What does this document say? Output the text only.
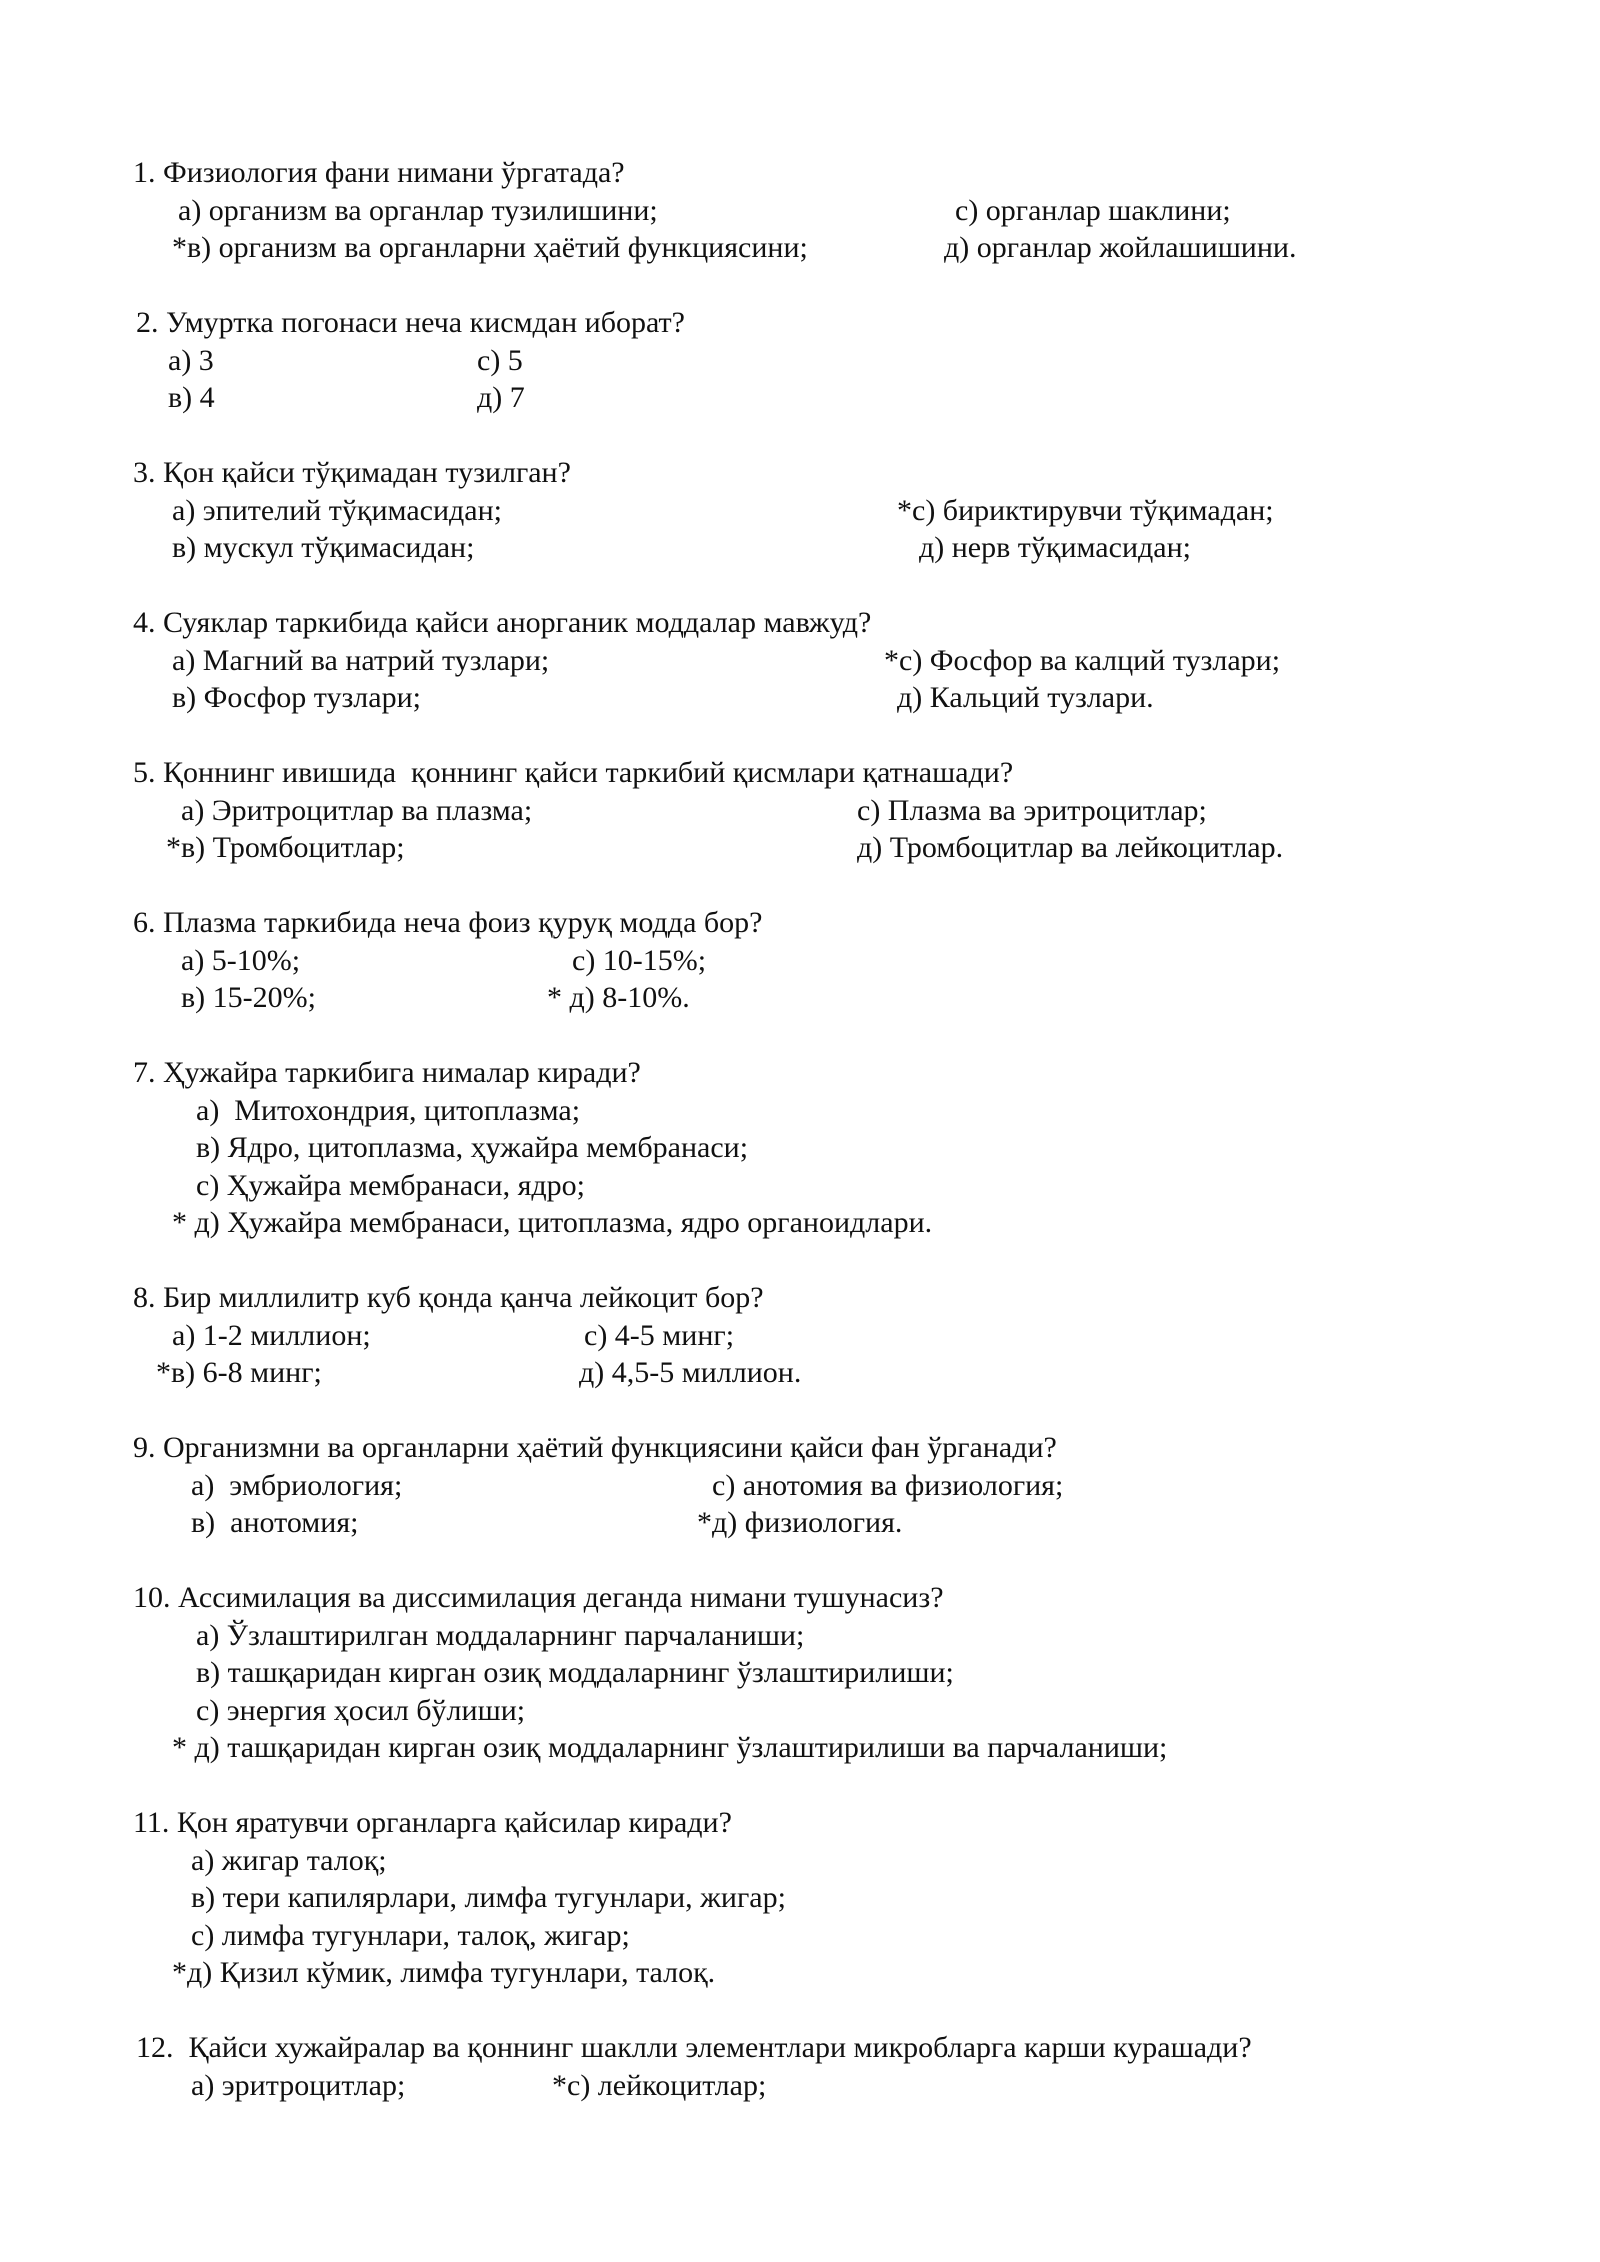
1. Физиология фани нимани ўргатада?
а) организм ва органлар тузилишини;	с) органлар шаклини;
*в) организм ва органларни ҳаётий функциясини;	д) органлар жойлашишини.
2. Умуртка погонаси неча кисмдан иборат?
а) 3	с) 5
в) 4	д) 7
3. Қон қайси тўқимадан тузилган?
а) эпителий тўқимасидан;	*с) бириктирувчи тўқимадан;
в) мускул тўқимасидан;	д) нерв тўқимасидан;
4. Суяклар таркибида қайси анорганик моддалар мавжуд?
а) Магний ва натрий тузлари;	*с) Фосфор ва калций тузлари;
в) Фосфор тузлари;	д) Кальций тузлари.
5. Қоннинг ивишида  қоннинг қайси таркибий қисмлари қатнашади?
а) Эритроцитлар ва плазма;	с) Плазма ва эритроцитлар;
*в) Тромбоцитлар;	д) Тромбоцитлар ва лейкоцитлар.
6. Плазма таркибида неча фоиз қуруқ модда бор?
а) 5-10%;	с) 10-15%;
в) 15-20%;	* д) 8-10%.
7. Ҳужайра таркибига нималар киради?
а)  Митохондрия, цитоплазма;
в) Ядро, цитоплазма, ҳужайра мембранаси;
с) Ҳужайра мембранаси, ядро;
* д) Ҳужайра мембранаси, цитоплазма, ядро органоидлари.
8. Бир миллилитр куб қонда қанча лейкоцит бор?
а) 1-2 миллион;	с) 4-5 минг;
*в) 6-8 минг;	д) 4,5-5 миллион.
9. Организмни ва органларни ҳаётий функциясини қайси фан ўрганади?
а)  эмбриология;	с) анотомия ва физиология;
в)  анотомия;	*д) физиология.
10. Ассимилация ва диссимилация деганда нимани тушунасиз?
а) Ўзлаштирилган моддаларнинг парчаланиши;
в) ташқаридан кирган озиқ моддаларнинг ўзлаштирилиши;
с) энергия ҳосил бўлиши;
* д) ташқаридан кирган озиқ моддаларнинг ўзлаштирилиши ва парчаланиши;
11. Қон яратувчи органларга қайсилар киради?
а) жигар талоқ;
в) тери капилярлари, лимфа тугунлари, жигар;
с) лимфа тугунлари, талоқ, жигар;
*д) Қизил кўмик, лимфа тугунлари, талоқ.
12.  Қайси хужайралар ва қоннинг шаклли элементлари микробларга карши курашади?
а) эритроцитлар;	*с) лейкоцитлар;
